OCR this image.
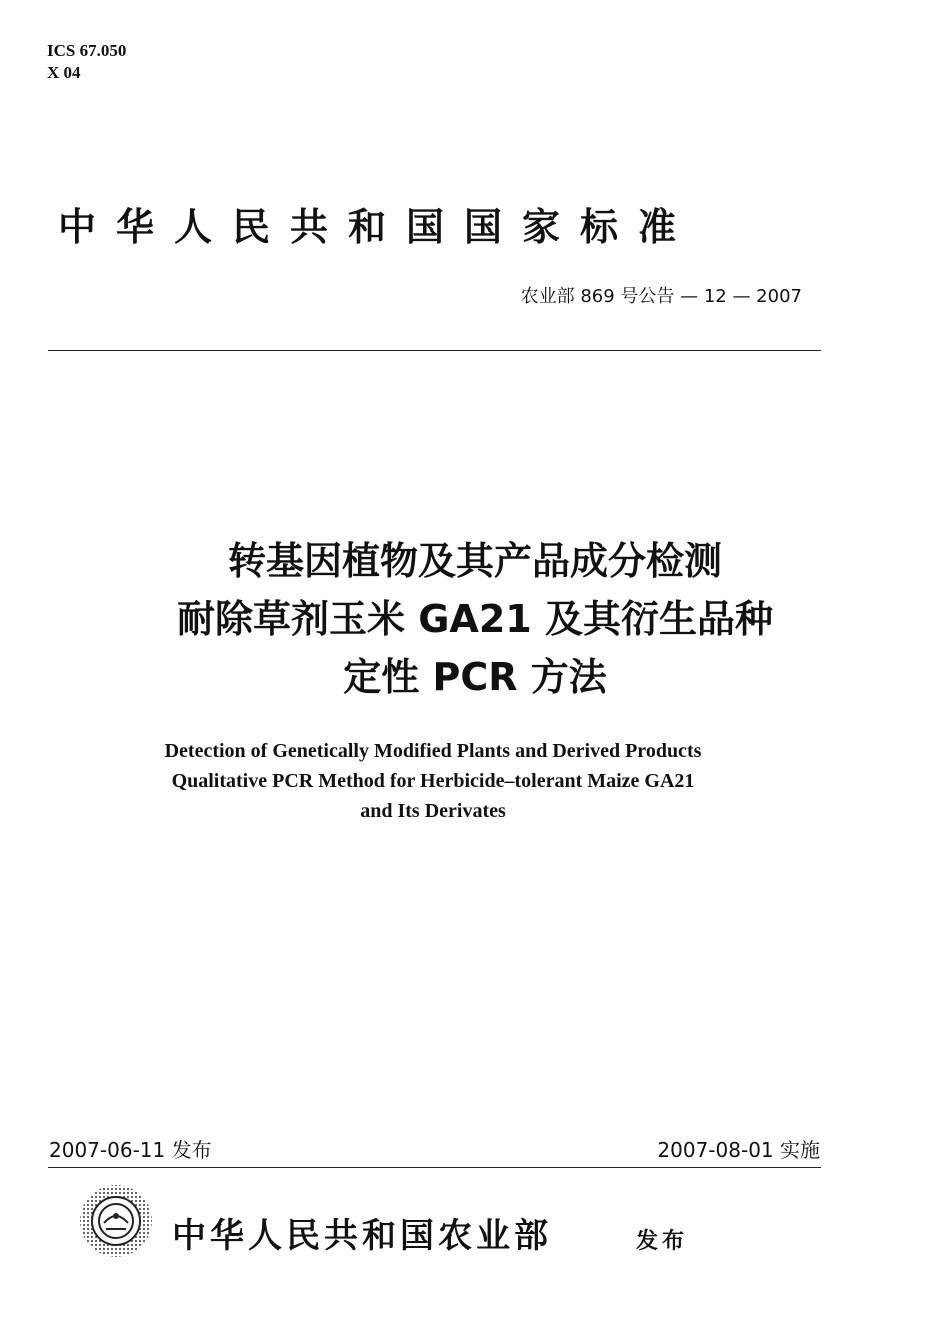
ICS 67.050
X 04
中华人民共和国国家标准
农业部 869 号公告 — 12 — 2007
转基因植物及其产品成分检测
耐除草剂玉米 GA21 及其衍生品种
定性 PCR 方法
Detection of Genetically Modified Plants and Derived Products
Qualitative PCR Method for Herbicide–tolerant Maize GA21
and Its Derivates
2007-06-11 发布	2007-08-01 实施
中华人民共和国农业部	发布
